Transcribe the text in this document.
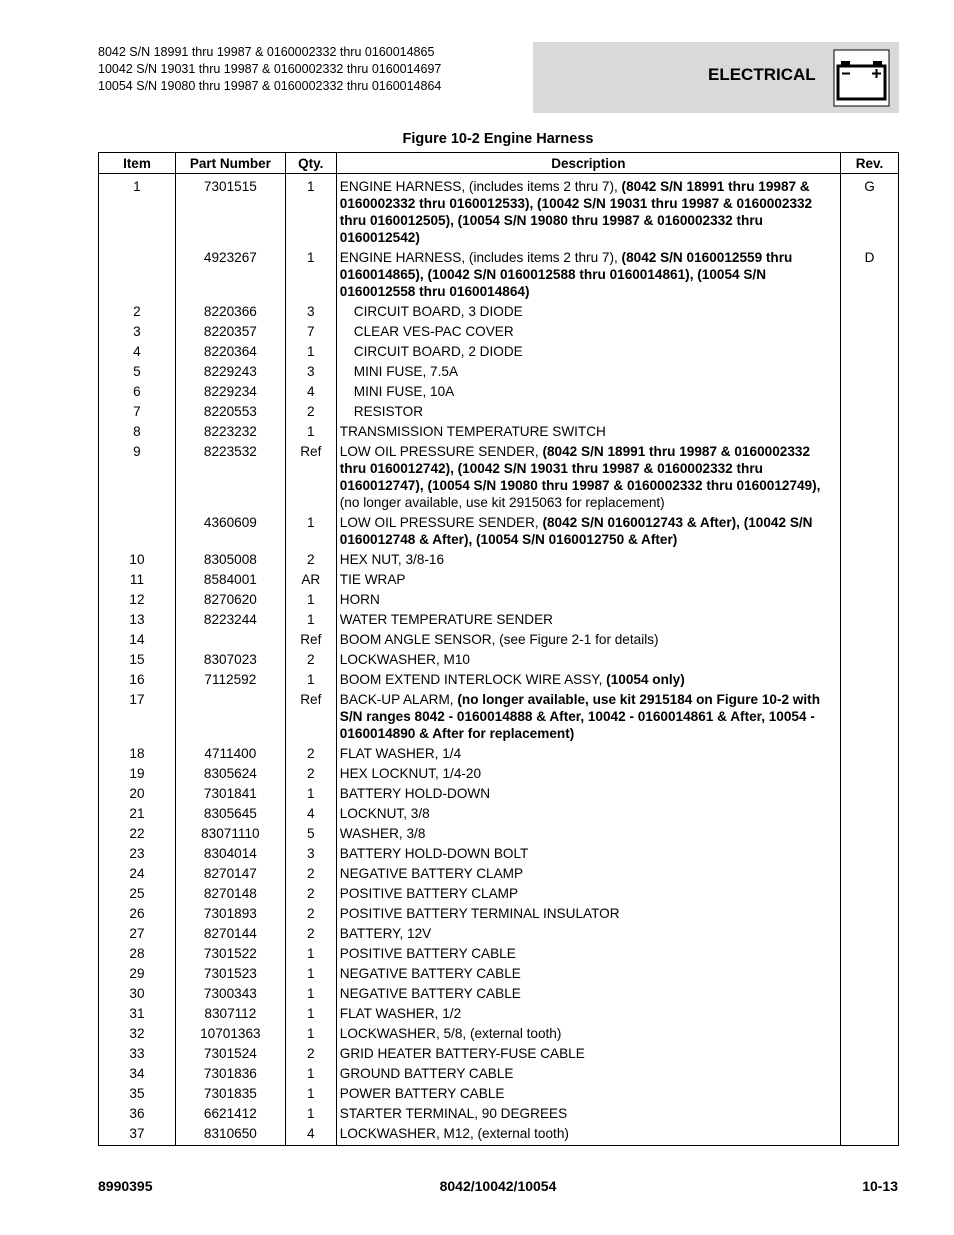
8042 S/N 18991 thru 19987 & 0160002332 thru 0160014865
10042 S/N 19031 thru 19987 & 0160002332 thru 0160014697
10054 S/N 19080 thru 19987 & 0160002332 thru 0160014864
ELECTRICAL
Figure 10-2 Engine Harness
Item	Part Number	Qty.	Description	Rev.
1	7301515	1	ENGINE HARNESS, (includes items 2 thru 7), (8042 S/N 18991 thru 19987 & 0160002332 thru 0160012533), (10042 S/N 19031 thru 19987 & 0160002332 thru 0160012505), (10054 S/N 19080 thru 19987 & 0160002332 thru 0160012542)	G
	4923267	1	ENGINE HARNESS, (includes items 2 thru 7), (8042 S/N 0160012559 thru 0160014865), (10042 S/N 0160012588 thru 0160014861), (10054 S/N 0160012558 thru 0160014864)	D
2	8220366	3	CIRCUIT BOARD, 3 DIODE	
3	8220357	7	CLEAR VES-PAC COVER	
4	8220364	1	CIRCUIT BOARD, 2 DIODE	
5	8229243	3	MINI FUSE, 7.5A	
6	8229234	4	MINI FUSE, 10A	
7	8220553	2	RESISTOR	
8	8223232	1	TRANSMISSION TEMPERATURE SWITCH	
9	8223532	Ref	LOW OIL PRESSURE SENDER, (8042 S/N 18991 thru 19987 & 0160002332 thru 0160012742), (10042 S/N 19031 thru 19987 & 0160002332 thru 0160012747), (10054 S/N 19080 thru 19987 & 0160002332 thru 0160012749), (no longer available, use kit 2915063 for replacement)	
	4360609	1	LOW OIL PRESSURE SENDER, (8042 S/N 0160012743 & After), (10042 S/N 0160012748 & After), (10054 S/N 0160012750 & After)	
10	8305008	2	HEX NUT, 3/8-16	
11	8584001	AR	TIE WRAP	
12	8270620	1	HORN	
13	8223244	1	WATER TEMPERATURE SENDER	
14		Ref	BOOM ANGLE SENSOR, (see Figure 2-1 for details)	
15	8307023	2	LOCKWASHER, M10	
16	7112592	1	BOOM EXTEND INTERLOCK WIRE ASSY, (10054 only)	
17		Ref	BACK-UP ALARM, (no longer available, use kit 2915184 on Figure 10-2 with S/N ranges 8042 - 0160014888 & After, 10042 - 0160014861 & After, 10054 - 0160014890 & After for replacement)	
18	4711400	2	FLAT WASHER, 1/4	
19	8305624	2	HEX LOCKNUT, 1/4-20	
20	7301841	1	BATTERY HOLD-DOWN	
21	8305645	4	LOCKNUT, 3/8	
22	83071110	5	WASHER, 3/8	
23	8304014	3	BATTERY HOLD-DOWN BOLT	
24	8270147	2	NEGATIVE BATTERY CLAMP	
25	8270148	2	POSITIVE BATTERY CLAMP	
26	7301893	2	POSITIVE BATTERY TERMINAL INSULATOR	
27	8270144	2	BATTERY, 12V	
28	7301522	1	POSITIVE BATTERY CABLE	
29	7301523	1	NEGATIVE BATTERY CABLE	
30	7300343	1	NEGATIVE BATTERY CABLE	
31	8307112	1	FLAT WASHER, 1/2	
32	10701363	1	LOCKWASHER, 5/8, (external tooth)	
33	7301524	2	GRID HEATER BATTERY-FUSE CABLE	
34	7301836	1	GROUND BATTERY CABLE	
35	7301835	1	POWER BATTERY CABLE	
36	6621412	1	STARTER TERMINAL, 90 DEGREES	
37	8310650	4	LOCKWASHER, M12, (external tooth)	
8990395	8042/10042/10054	10-13
